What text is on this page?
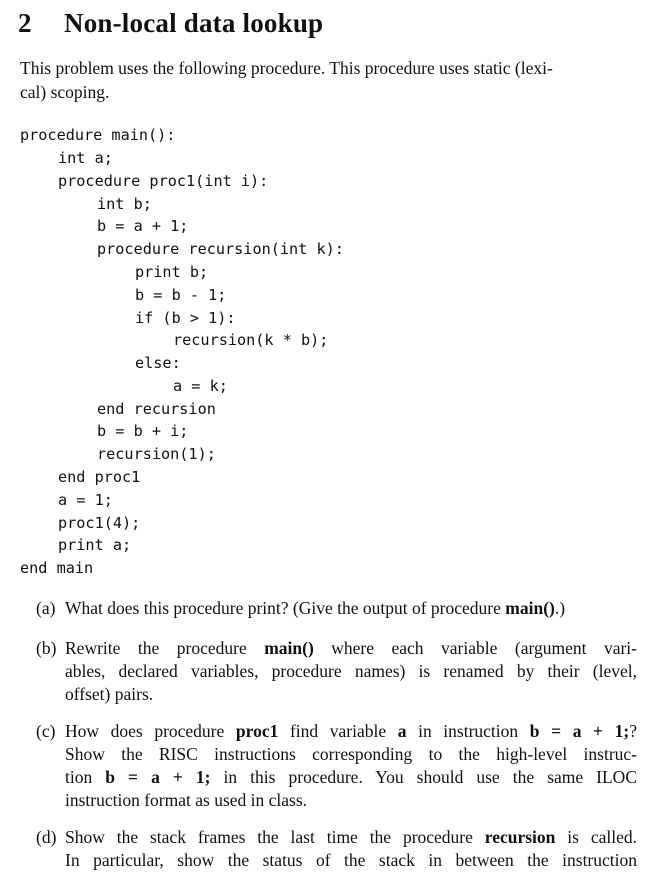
2 Non-local data lookup
This problem uses the following procedure. This procedure uses static (lexi-
cal) scoping.
procedure main():
int a;
procedure proc1(int i):
int b;
b = a + 1;
procedure recursion(int k):
print b;
b = b - 1;
if (b > 1):
recursion(k * b);
else:
a = k;
end recursion
b = b + i;
recursion(1);
end proc1
a = 1;
proc1(4);
print a;
end main
(a) What does this procedure print? (Give the output of procedure main().)
(b) Rewrite the procedure main() where each variable (argument vari-
ables, declared variables, procedure names) is renamed by their (level,
offset) pairs.
(c) How does procedure proc1 find variable a in instruction b = a + 1;?
Show the RISC instructions corresponding to the high-level instruc-
tion b = a + 1; in this procedure. You should use the same ILOC
instruction format as used in class.
(d) Show the stack frames the last time the procedure recursion is called.
In particular, show the status of the stack in between the instruction
